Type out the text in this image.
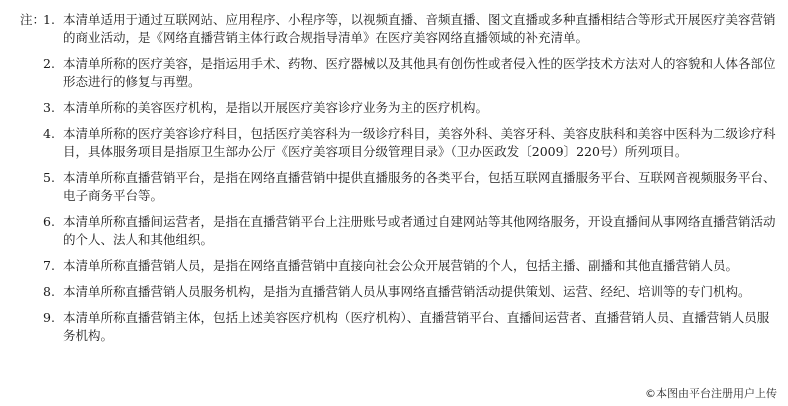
注：
1. 本清单适用于通过互联网站、应用程序、小程序等，以视频直播、音频直播、图文直播或多种直播相结合等形式开展医疗美容营销的商业活动，是《网络直播营销主体行政合规指导清单》在医疗美容网络直播领域的补充清单。
2. 本清单所称的医疗美容，是指运用手术、药物、医疗器械以及其他具有创伤性或者侵入性的医学技术方法对人的容貌和人体各部位形态进行的修复与再塑。
3. 本清单所称的美容医疗机构，是指以开展医疗美容诊疗业务为主的医疗机构。
4. 本清单所称的医疗美容诊疗科目，包括医疗美容科为一级诊疗科目，美容外科、美容牙科、美容皮肤科和美容中医科为二级诊疗科目，具体服务项目是指原卫生部办公厅《医疗美容项目分级管理目录》（卫办医政发〔2009〕220号）所列项目。
5. 本清单所称直播营销平台，是指在网络直播营销中提供直播服务的各类平台，包括互联网直播服务平台、互联网音视频服务平台、电子商务平台等。
6. 本清单所称直播间运营者，是指在直播营销平台上注册账号或者通过自建网站等其他网络服务，开设直播间从事网络直播营销活动的个人、法人和其他组织。
7. 本清单所称直播营销人员，是指在网络直播营销中直接向社会公众开展营销的个人，包括主播、副播和其他直播营销人员。
8. 本清单所称直播营销人员服务机构，是指为直播营销人员从事网络直播营销活动提供策划、运营、经纪、培训等的专门机构。
9. 本清单所称直播营销主体，包括上述美容医疗机构（医疗机构）、直播营销平台、直播间运营者、直播营销人员、直播营销人员服务机构。
©本图由平台注册用户上传
